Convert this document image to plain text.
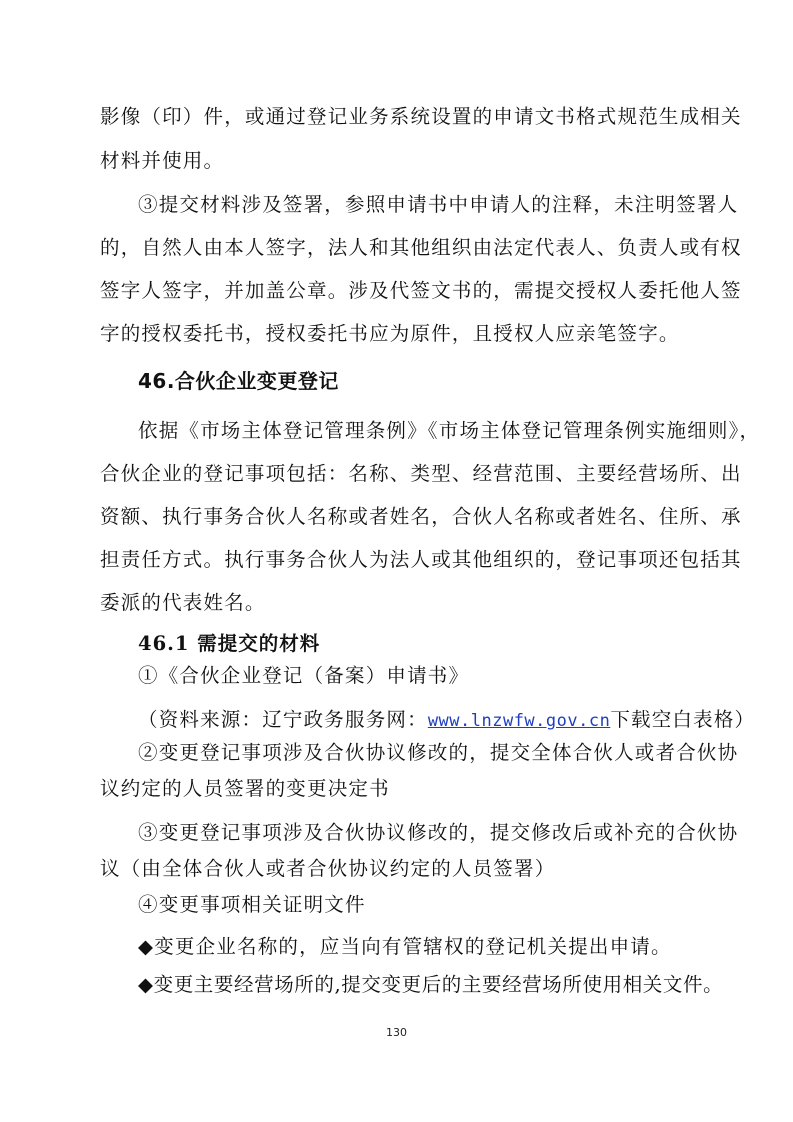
影像（印）件，或通过登记业务系统设置的申请文书格式规范生成相关
材料并使用。
③提交材料涉及签署，参照申请书中申请人的注释，未注明签署人
的，自然人由本人签字，法人和其他组织由法定代表人、负责人或有权
签字人签字，并加盖公章。涉及代签文书的，需提交授权人委托他人签
字的授权委托书，授权委托书应为原件，且授权人应亲笔签字。
46.合伙企业变更登记
依据《市场主体登记管理条例》《市场主体登记管理条例实施细则》，
合伙企业的登记事项包括：名称、类型、经营范围、主要经营场所、出
资额、执行事务合伙人名称或者姓名，合伙人名称或者姓名、住所、承
担责任方式。执行事务合伙人为法人或其他组织的，登记事项还包括其
委派的代表姓名。
46.1 需提交的材料
①《合伙企业登记（备案）申请书》
（资料来源：辽宁政务服务网：www.lnzwfw.gov.cn下载空白表格）
②变更登记事项涉及合伙协议修改的，提交全体合伙人或者合伙协
议约定的人员签署的变更决定书
③变更登记事项涉及合伙协议修改的，提交修改后或补充的合伙协
议（由全体合伙人或者合伙协议约定的人员签署）
④变更事项相关证明文件
◆变更企业名称的，应当向有管辖权的登记机关提出申请。
◆变更主要经营场所的,提交变更后的主要经营场所使用相关文件。
130
